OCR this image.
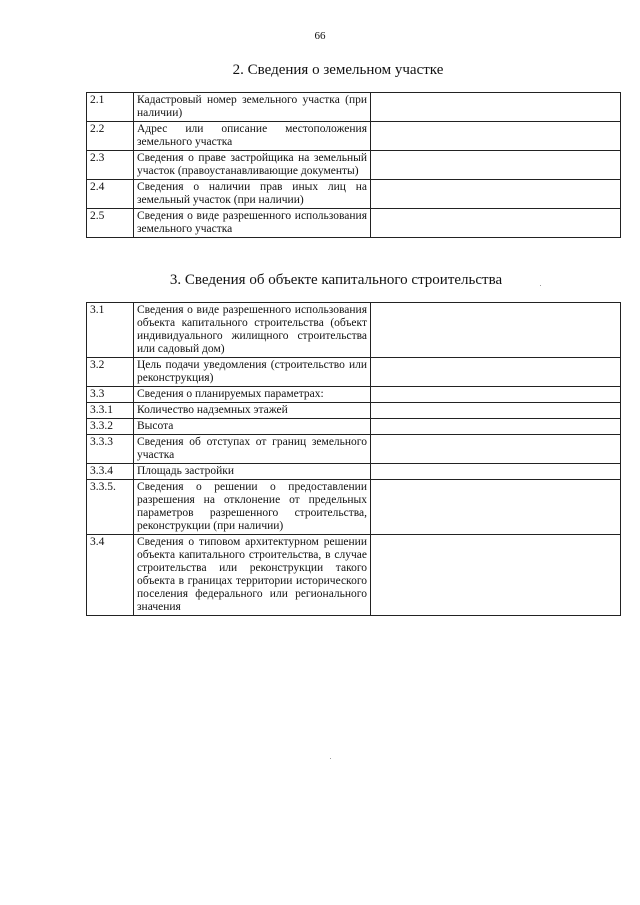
66
2. Сведения о земельном участке
2.1	Кадастровый номер земельного участка (при наличии)	
2.2	Адрес или описание местоположения земельного участка	
2.3	Сведения о праве застройщика на земельный участок (правоустанавливающие документы)	
2.4	Сведения о наличии прав иных лиц на земельный участок (при наличии)	
2.5	Сведения о виде разрешенного использования земельного участка	
3. Сведения об объекте капитального строительства
3.1	Сведения о виде разрешенного использования объекта капитального строительства (объект индивидуального жилищного строительства или садовый дом)	
3.2	Цель подачи уведомления (строительство или реконструкция)	
3.3	Сведения о планируемых параметрах:	
3.3.1	Количество надземных этажей	
3.3.2	Высота	
3.3.3	Сведения об отступах от границ земельного участка	
3.3.4	Площадь застройки	
3.3.5.	Сведения о решении о предоставлении разрешения на отклонение от предельных параметров разрешенного строительства, реконструкции (при наличии)	
3.4	Сведения о типовом архитектурном решении объекта капитального строительства, в случае строительства или реконструкции такого объекта в границах территории исторического поселения федерального или регионального значения	
